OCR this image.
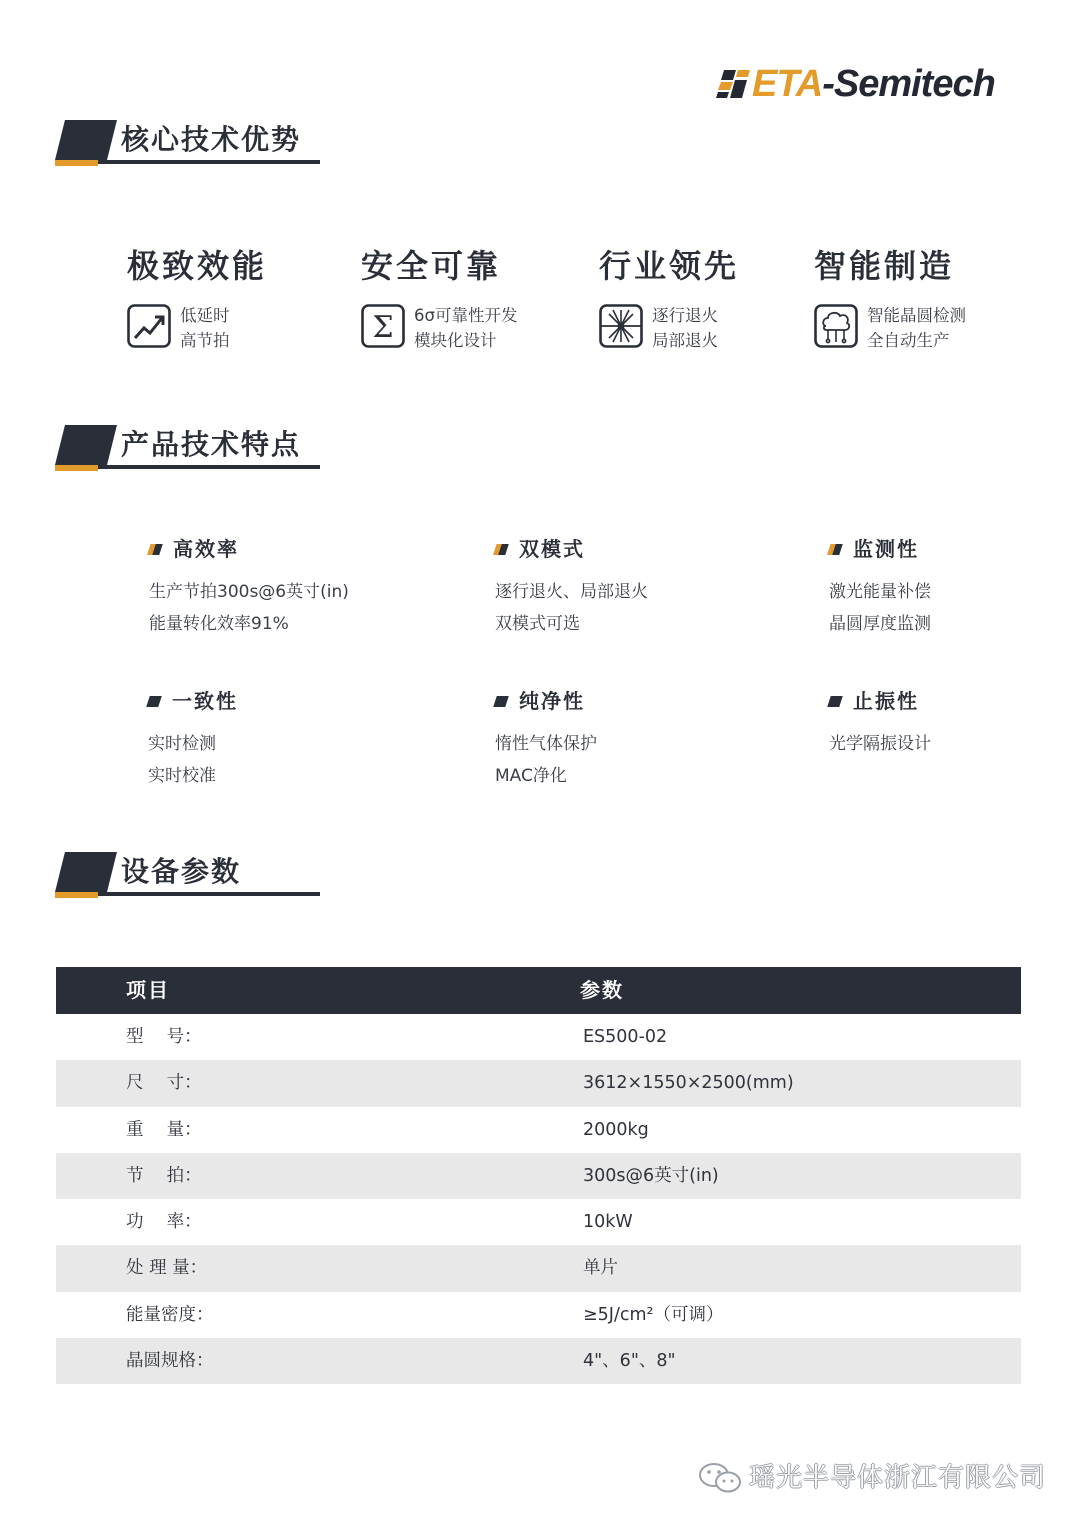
ETA-Semitech
核心技术优势
极致效能
低延时
高节拍
安全可靠
Σ 6σ可靠性开发
模块化设计
行业领先
逐行退火
局部退火
智能制造
智能晶圆检测
全自动生产
产品技术特点
高效率
生产节拍300s@6英寸(in)
能量转化效率91%
双模式
逐行退火、局部退火
双模式可选
监测性
激光能量补偿
晶圆厚度监测
一致性
实时检测
实时校准
纯净性
惰性气体保护
MAC净化
止振性
光学隔振设计
设备参数
项目	参数
型　 号：	ES500-02
尺　 寸：	3612×1550×2500(mm)
重　 量：	2000kg
节　 拍：	300s@6英寸(in)
功　 率：	10kW
处 理 量：	单片
能量密度：	≥5J/cm²（可调）
晶圆规格：	4"、6"、8"
瑶光半导体浙江有限公司
